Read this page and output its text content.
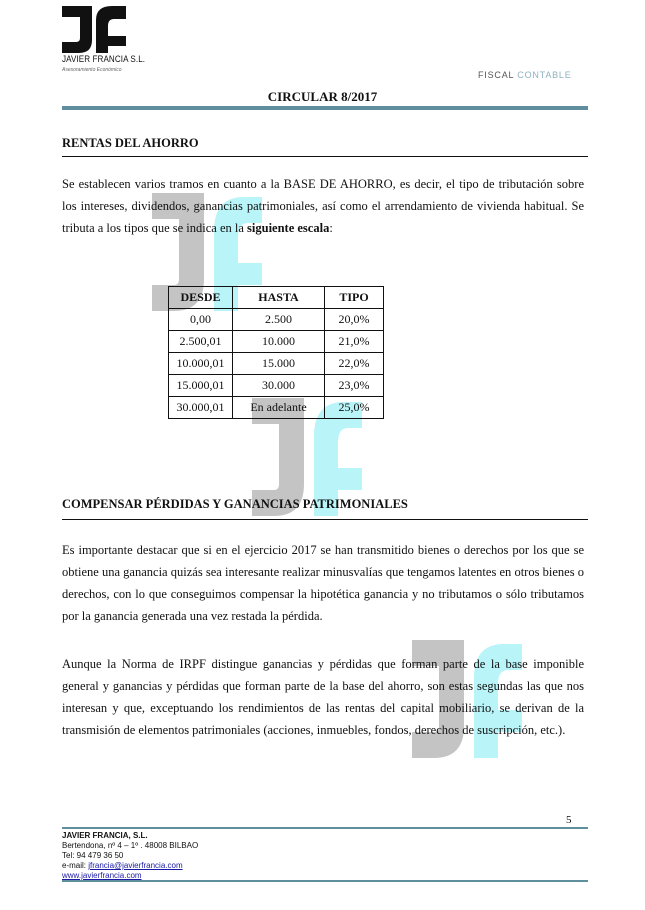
JAVIER FRANCIA S.L.
Asesoramiento Económico	FISCAL CONTABLE
CIRCULAR 8/2017
RENTAS DEL AHORRO
Se establecen varios tramos en cuanto a la BASE DE AHORRO, es decir, el tipo de tributación sobre los intereses, dividendos, ganancias patrimoniales, así como el arrendamiento de vivienda habitual. Se tributa a los tipos que se indica en la siguiente escala:
DESDE	HASTA	TIPO
0,00	2.500	20,0%
2.500,01	10.000	21,0%
10.000,01	15.000	22,0%
15.000,01	30.000	23,0%
30.000,01	En adelante	25,0%
COMPENSAR PÉRDIDAS Y GANANCIAS PATRIMONIALES
Es importante destacar que si en el ejercicio 2017 se han transmitido bienes o derechos por los que se obtiene una ganancia quizás sea interesante realizar minusvalías que tengamos latentes en otros bienes o derechos, con lo que conseguimos compensar la hipotética ganancia y no tributamos o sólo tributamos por la ganancia generada una vez restada la pérdida.
Aunque la Norma de IRPF distingue ganancias y pérdidas que forman parte de la base imponible general y ganancias y pérdidas que forman parte de la base del ahorro, son estas segundas las que nos interesan y que, exceptuando los rendimientos de las rentas del capital mobiliario, se derivan de la transmisión de elementos patrimoniales (acciones, inmuebles, fondos, derechos de suscripción, etc.).
5
JAVIER FRANCIA, S.L.
Bertendona, nº 4 – 1º . 48008 BILBAO
Tel: 94 479 36 50
e-mail: jfrancia@javierfrancia.com
www.javierfrancia.com
